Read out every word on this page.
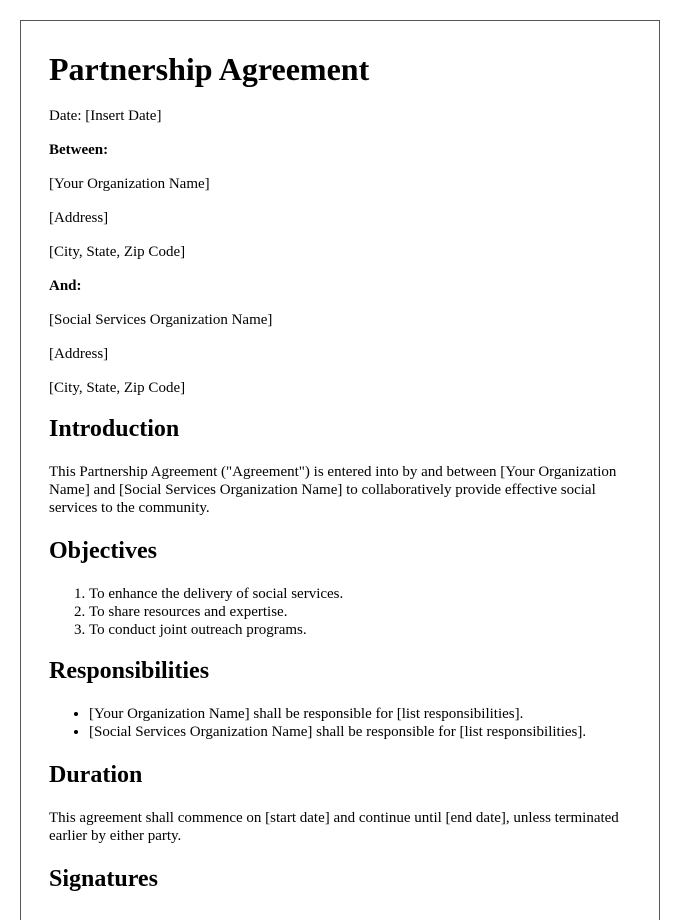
Partnership Agreement

Date: [Insert Date]

Between:

[Your Organization Name]

[Address]

[City, State, Zip Code]

And:

[Social Services Organization Name]

[Address]

[City, State, Zip Code]

Introduction

This Partnership Agreement ("Agreement") is entered into by and between [Your Organization Name] and [Social Services Organization Name] to collaboratively provide effective social services to the community.

Objectives
1. To enhance the delivery of social services.
2. To share resources and expertise.
3. To conduct joint outreach programs.
Responsibilities
• [Your Organization Name] shall be responsible for [list responsibilities].
• [Social Services Organization Name] shall be responsible for [list responsibilities].
Duration

This agreement shall commence on [start date] and continue until [end date], unless terminated earlier by either party.

Signatures
